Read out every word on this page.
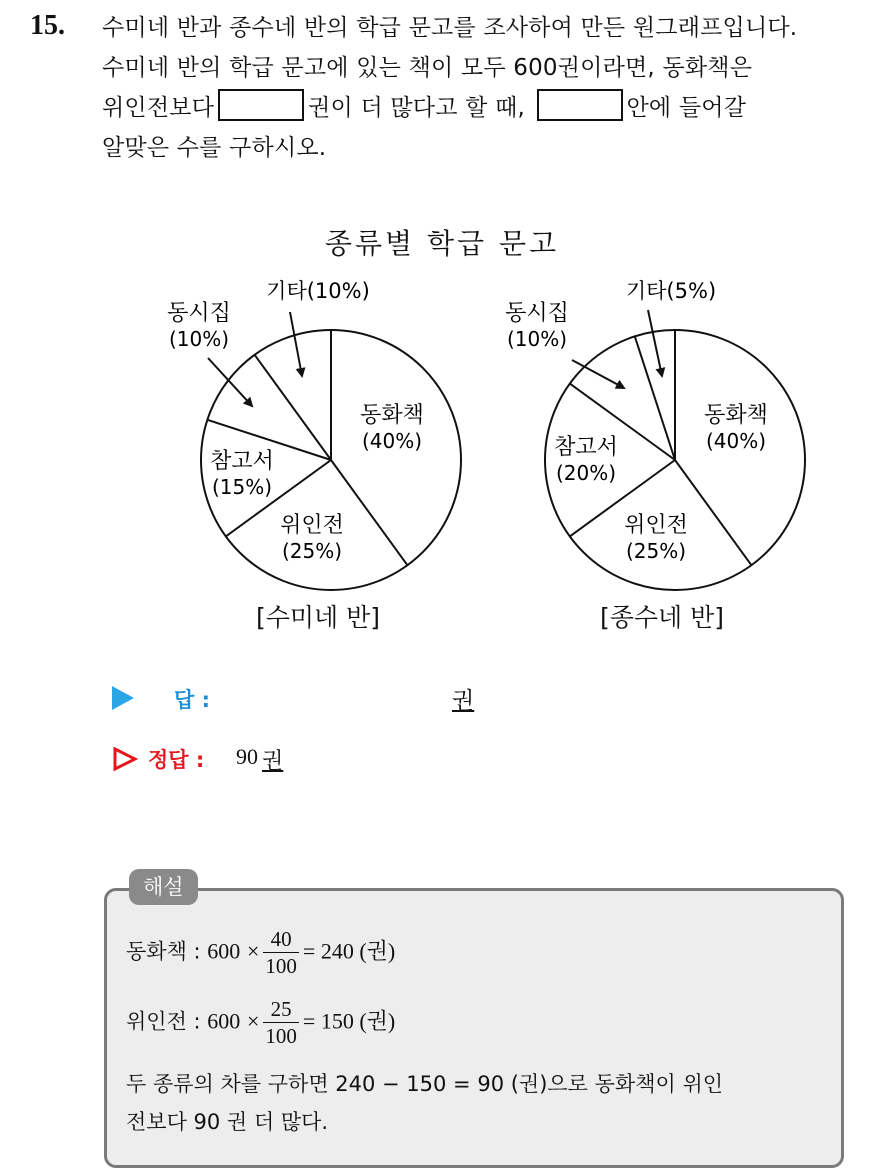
15. 수미네 반과 종수네 반의 학급 문고를 조사하여 만든 원그래프입니다.
수미네 반의 학급 문고에 있는 책이 모두 600권이라면, 동화책은
위인전보다	권이 더 많다고 할 때,	안에 들어갈
알맞은 수를 구하시오.
종류별 학급 문고
동화책
(40%)
위인전
(25%)
참고서
(15%)
동시집
(10%)
기타(10%)
동화책
(40%)
위인전
(25%)
참고서
(20%)
동시집
(10%)
기타(5%)
[수미네 반]	[종수네 반]
답 :	권
정답 : 90 권
해설
동화책 : $600 \times \frac{40}{100} = 240$ (권)
위인전 : $600 \times \frac{25}{100} = 150$ (권)
두 종류의 차를 구하면 240 − 150 = 90 (권)으로 동화책이 위인
전보다 90 권 더 많다.
